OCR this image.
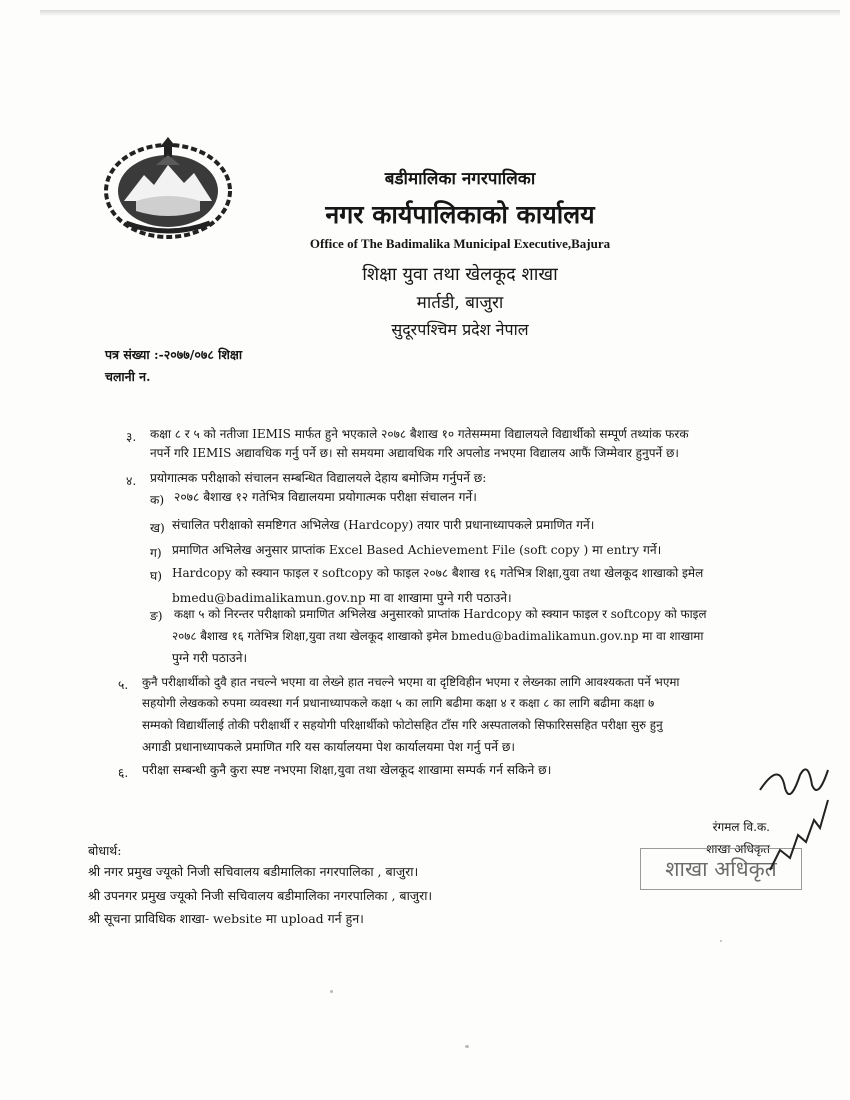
बडीमालिका नगरपालिका
नगर कार्यपालिकाको कार्यालय
Office of The Badimalika Municipal Executive,Bajura
शिक्षा युवा तथा खेलकूद शाखा
मार्तडी, बाजुरा
सुदूरपश्चिम प्रदेश नेपाल
पत्र संख्या :-२०७७/०७८ शिक्षा
चलानी न.
३. कक्षा ८ र ५ को नतीजा IEMIS मार्फत हुने भएकाले २०७८ बैशाख १० गतेसम्ममा विद्यालयले विद्यार्थीको सम्पूर्ण तथ्यांक फरक
नपर्ने गरि IEMIS अद्यावधिक गर्नु पर्ने छ। सो समयमा अद्यावधिक गरि अपलोड नभएमा विद्यालय आफैं जिम्मेवार हुनुपर्ने छ।
४. प्रयोगात्मक परीक्षाको संचालन सम्बन्धित विद्यालयले देहाय बमोजिम गर्नुपर्ने छ:
क) २०७८ बैशाख १२ गतेभित्र विद्यालयमा प्रयोगात्मक परीक्षा संचालन गर्ने।
ख) संचालित परीक्षाको समष्टिगत अभिलेख (Hardcopy) तयार पारी प्रधानाध्यापकले प्रमाणित गर्ने।
ग) प्रमाणित अभिलेख अनुसार प्राप्तांक Excel Based Achievement File (soft copy ) मा entry गर्ने।
घ) Hardcopy को स्क्यान फाइल र softcopy को फाइल २०७८ बैशाख १६ गतेभित्र शिक्षा,युवा तथा खेलकूद शाखाको इमेल
bmedu@badimalikamun.gov.np मा वा शाखामा पुग्ने गरी पठाउने।
ङ) कक्षा ५ को निरन्तर परीक्षाको प्रमाणित अभिलेख अनुसारको प्राप्तांक Hardcopy को स्क्यान फाइल र softcopy को फाइल
२०७८ बैशाख १६ गतेभित्र शिक्षा,युवा तथा खेलकूद शाखाको इमेल bmedu@badimalikamun.gov.np मा वा शाखामा
पुग्ने गरी पठाउने।
५. कुनै परीक्षार्थीको दुवै हात नचल्ने भएमा वा लेख्ने हात नचल्ने भएमा वा दृष्टिविहीन भएमा र लेख्नका लागि आवश्यकता पर्ने भएमा
सहयोगी लेखकको रुपमा व्यवस्था गर्न प्रधानाध्यापकले कक्षा ५ का लागि बढीमा कक्षा ४ र कक्षा ८ का लागि बढीमा कक्षा ७
सम्मको विद्यार्थीलाई तोकी परीक्षार्थी र सहयोगी परिक्षार्थीको फोटोसहित टाँस गरि अस्पतालको सिफारिससहित परीक्षा सुरु हुनु
अगाडी प्रधानाध्यापकले प्रमाणित गरि यस कार्यालयमा पेश कार्यालयमा पेश गर्नु पर्ने छ।
६. परीक्षा सम्बन्धी कुनै कुरा स्पष्ट नभएमा शिक्षा,युवा तथा खेलकूद शाखामा सम्पर्क गर्न सकिने छ।
रंगमल वि.क.
शाखा अधिकृत
शाखा अधिकृत
बोधार्थ:
श्री नगर प्रमुख ज्यूको निजी सचिवालय बडीमालिका नगरपालिका , बाजुरा।
श्री उपनगर प्रमुख ज्यूको निजी सचिवालय बडीमालिका नगरपालिका , बाजुरा।
श्री सूचना प्राविधिक शाखा- website मा upload गर्न हुन।
